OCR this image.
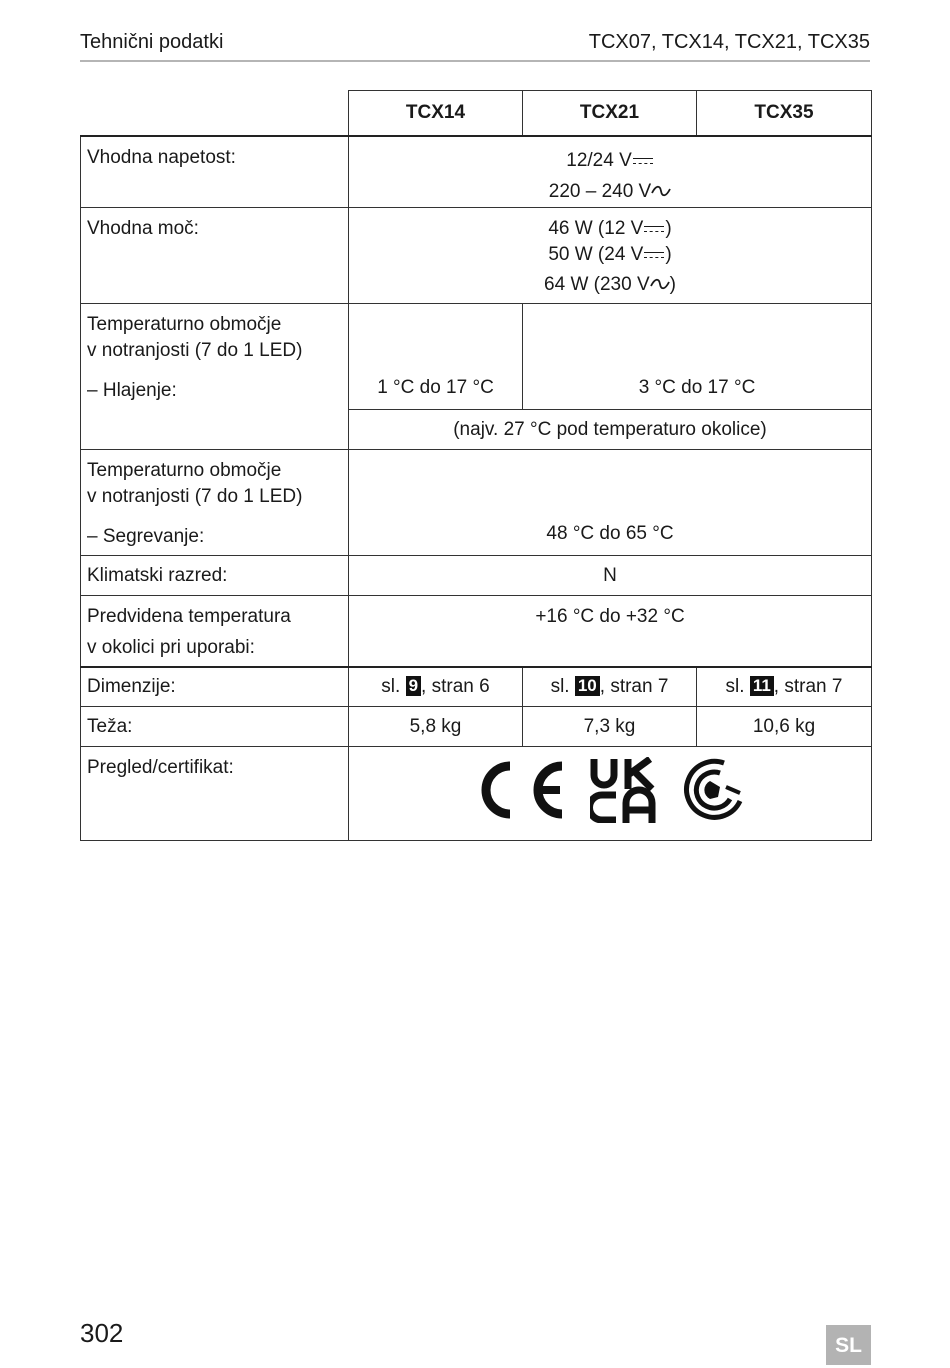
Tehnični podatki	TCX07, TCX14, TCX21, TCX35
	TCX14	TCX21	TCX35
Vhodna napetost:	12/24 V
220 – 240 V		

Vhodna moč:	46 W (12 V )
50 W (24 V )
64 W (230 V )		

Temperaturno območje
v notranjosti (7 do 1 LED)
– Hlajenje:	1 °C do 17 °C	3 °C do 17 °C	
	(najv. 27 °C pod temperaturo okolice)		

Temperaturno območje
v notranjosti (7 do 1 LED)
– Segrevanje:	48 °C do 65 °C		
Klimatski razred:	N		

Predvidena temperatura
v okolici pri uporabi:	+16 °C do +32 °C		
Dimenzije:	sl. 9 , stran 6	sl. 10 , stran 7	sl. 11 , stran 7
Teža:	5,8 kg	7,3 kg	10,6 kg
Pregled/certifikat:	
302	SL
